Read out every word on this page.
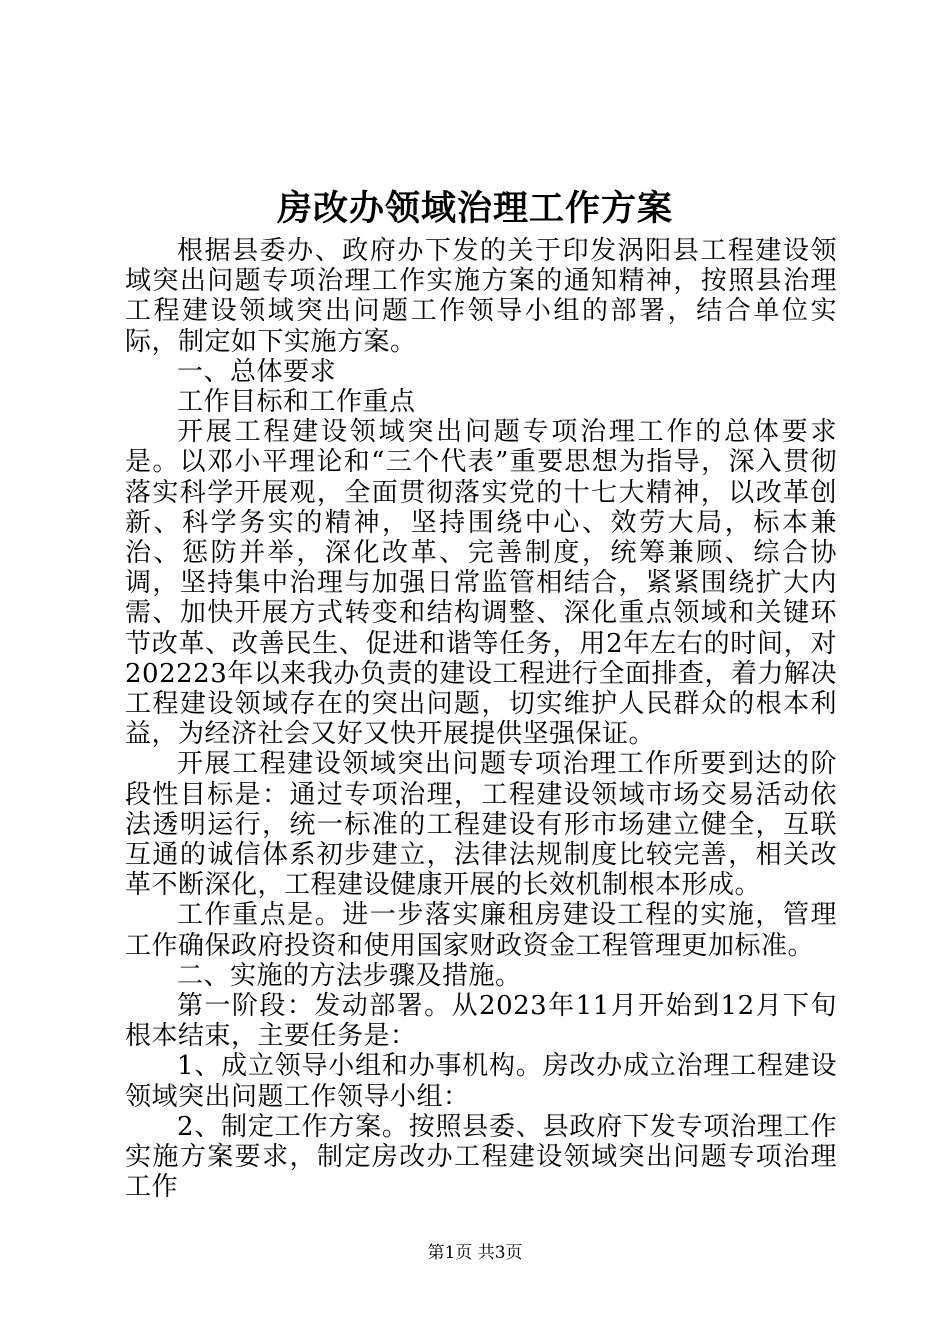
房改办领域治理工作方案

根据县委办、政府办下发的关于印发涡阳县工程建设领域突出问题专项治理工作实施方案的通知精神，按照县治理工程建设领域突出问题工作领导小组的部署，结合单位实际，制定如下实施方案。

一、总体要求

工作目标和工作重点

开展工程建设领域突出问题专项治理工作的总体要求是。以邓小平理论和“三个代表”重要思想为指导，深入贯彻落实科学开展观，全面贯彻落实党的十七大精神，以改革创新、科学务实的精神，坚持围绕中心、效劳大局，标本兼治、惩防并举，深化改革、完善制度，统筹兼顾、综合协调，坚持集中治理与加强日常监管相结合，紧紧围绕扩大内需、加快开展方式转变和结构调整、深化重点领域和关键环节改革、改善民生、促进和谐等任务，用2年左右的时间，对202223年以来我办负责的建设工程进行全面排查，着力解决工程建设领域存在的突出问题，切实维护人民群众的根本利益，为经济社会又好又快开展提供坚强保证。

开展工程建设领域突出问题专项治理工作所要到达的阶段性目标是：通过专项治理，工程建设领域市场交易活动依法透明运行，统一标准的工程建设有形市场建立健全，互联互通的诚信体系初步建立，法律法规制度比较完善，相关改革不断深化，工程建设健康开展的长效机制根本形成。

工作重点是。进一步落实廉租房建设工程的实施，管理工作确保政府投资和使用国家财政资金工程管理更加标准。

二、实施的方法步骤及措施。

第一阶段：发动部署。从2023年11月开始到12月下旬根本结束，主要任务是：

1、成立领导小组和办事机构。房改办成立治理工程建设领域突出问题工作领导小组：

2、制定工作方案。按照县委、县政府下发专项治理工作实施方案要求，制定房改办工程建设领域突出问题专项治理工作

第1页 共3页
